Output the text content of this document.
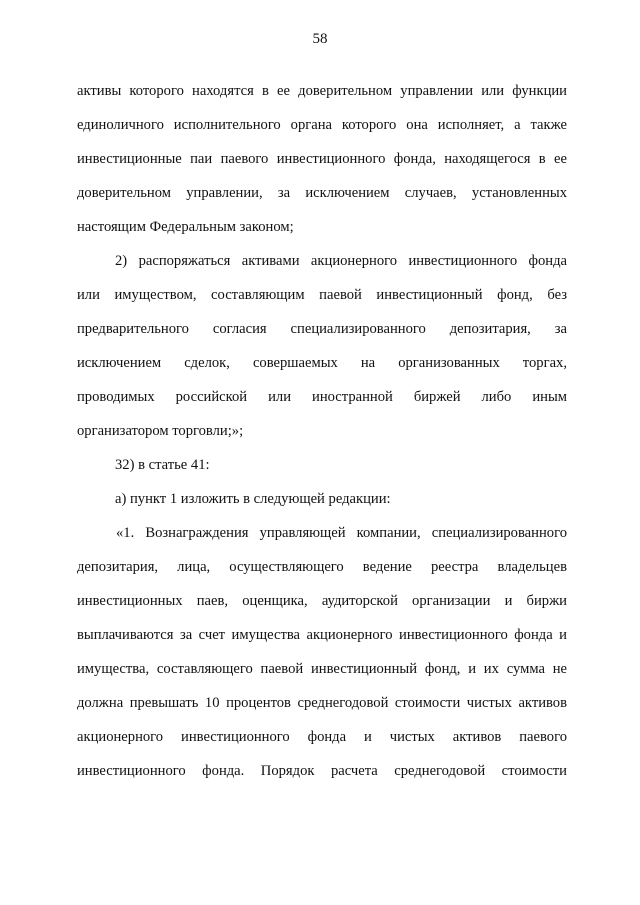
58
активы которого находятся в ее доверительном управлении или функции
единоличного исполнительного органа которого она исполняет, а также
инвестиционные паи паевого инвестиционного фонда, находящегося в ее
доверительном управлении, за исключением случаев, установленных
настоящим Федеральным законом;
2) распоряжаться активами акционерного инвестиционного фонда
или имуществом, составляющим паевой инвестиционный фонд, без
предварительного согласия специализированного депозитария, за
исключением сделок, совершаемых на организованных торгах,
проводимых российской или иностранной биржей либо иным
организатором торговли;»;
32) в статье 41:
а) пункт 1 изложить в следующей редакции:
«1. Вознаграждения управляющей компании, специализированного
депозитария, лица, осуществляющего ведение реестра владельцев
инвестиционных паев, оценщика, аудиторской организации и биржи
выплачиваются за счет имущества акционерного инвестиционного фонда и
имущества, составляющего паевой инвестиционный фонд, и их сумма не
должна превышать 10 процентов среднегодовой стоимости чистых активов
акционерного инвестиционного фонда и чистых активов паевого
инвестиционного фонда. Порядок расчета среднегодовой стоимости
